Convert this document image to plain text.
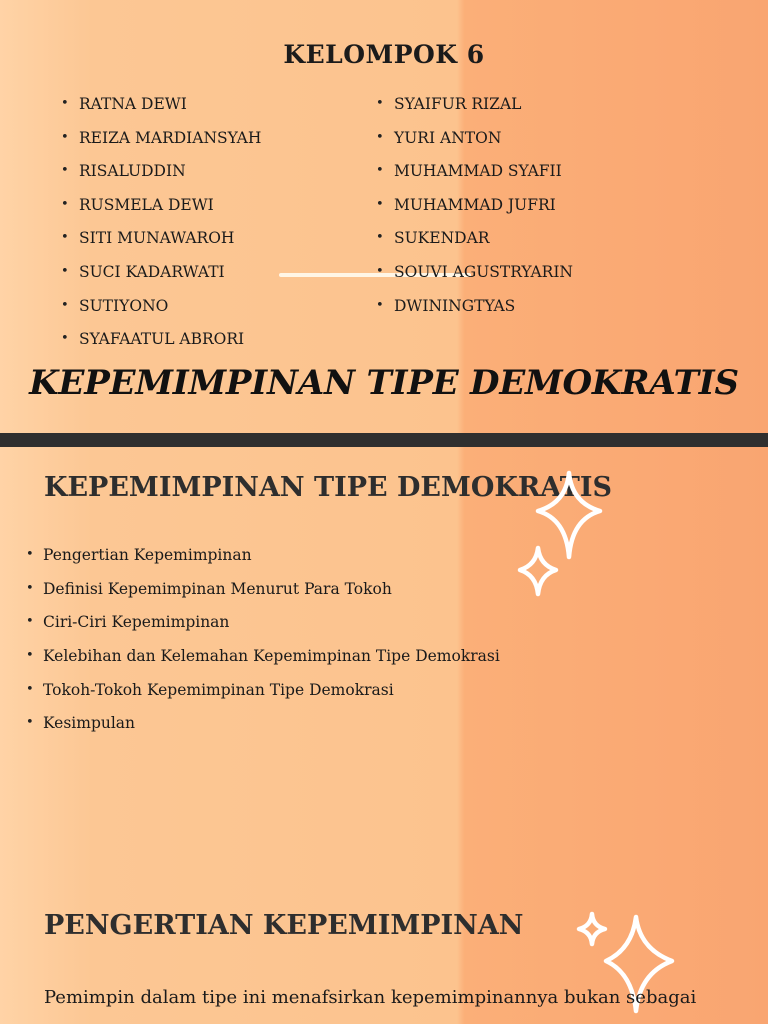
KELOMPOK 6
• RATNA DEWI
• REIZA MARDIANSYAH
• RISALUDDIN
• RUSMELA DEWI
• SITI MUNAWAROH
• SUCI KADARWATI
• SUTIYONO
• SYAFAATUL ABRORI
• SYAIFUR RIZAL
• YURI ANTON
• MUHAMMAD SYAFII
• MUHAMMAD JUFRI
• SUKENDAR
• SOUVI AGUSTRYARIN
• DWININGTYAS
KEPEMIMPINAN TIPE DEMOKRATIS
KEPEMIMPINAN TIPE DEMOKRATIS
• Pengertian Kepemimpinan
• Definisi Kepemimpinan Menurut Para Tokoh
• Ciri-Ciri Kepemimpinan
• Kelebihan dan Kelemahan Kepemimpinan Tipe Demokrasi
• Tokoh-Tokoh Kepemimpinan Tipe Demokrasi
• Kesimpulan
PENGERTIAN KEPEMIMPINAN

Pemimpin dalam tipe ini menafsirkan kepemimpinannya bukan sebagai
